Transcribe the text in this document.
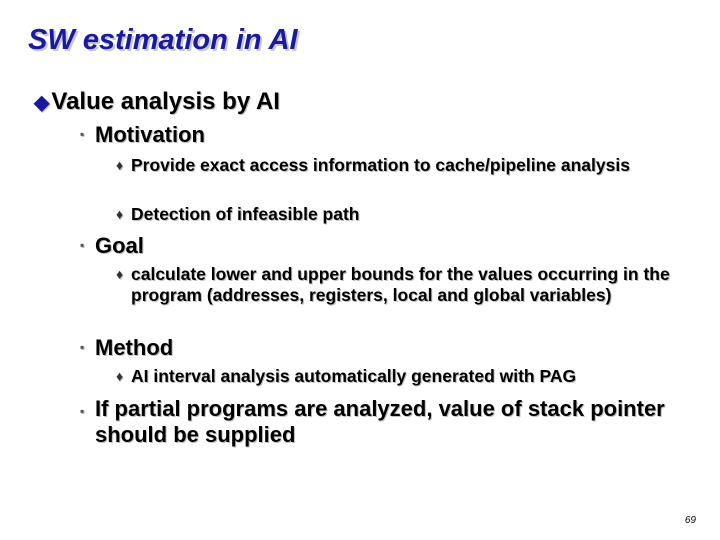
SW estimation in AI
◆Value analysis by AI
▪ Motivation
♦ Provide exact access information to cache/pipeline analysis
♦ Detection of infeasible path
▪ Goal
♦ calculate lower and upper bounds for the values occurring in the program (addresses, registers, local and global variables)
▪ Method
♦ AI interval analysis automatically generated with PAG
▪ If partial programs are analyzed, value of stack pointer should be supplied
69
